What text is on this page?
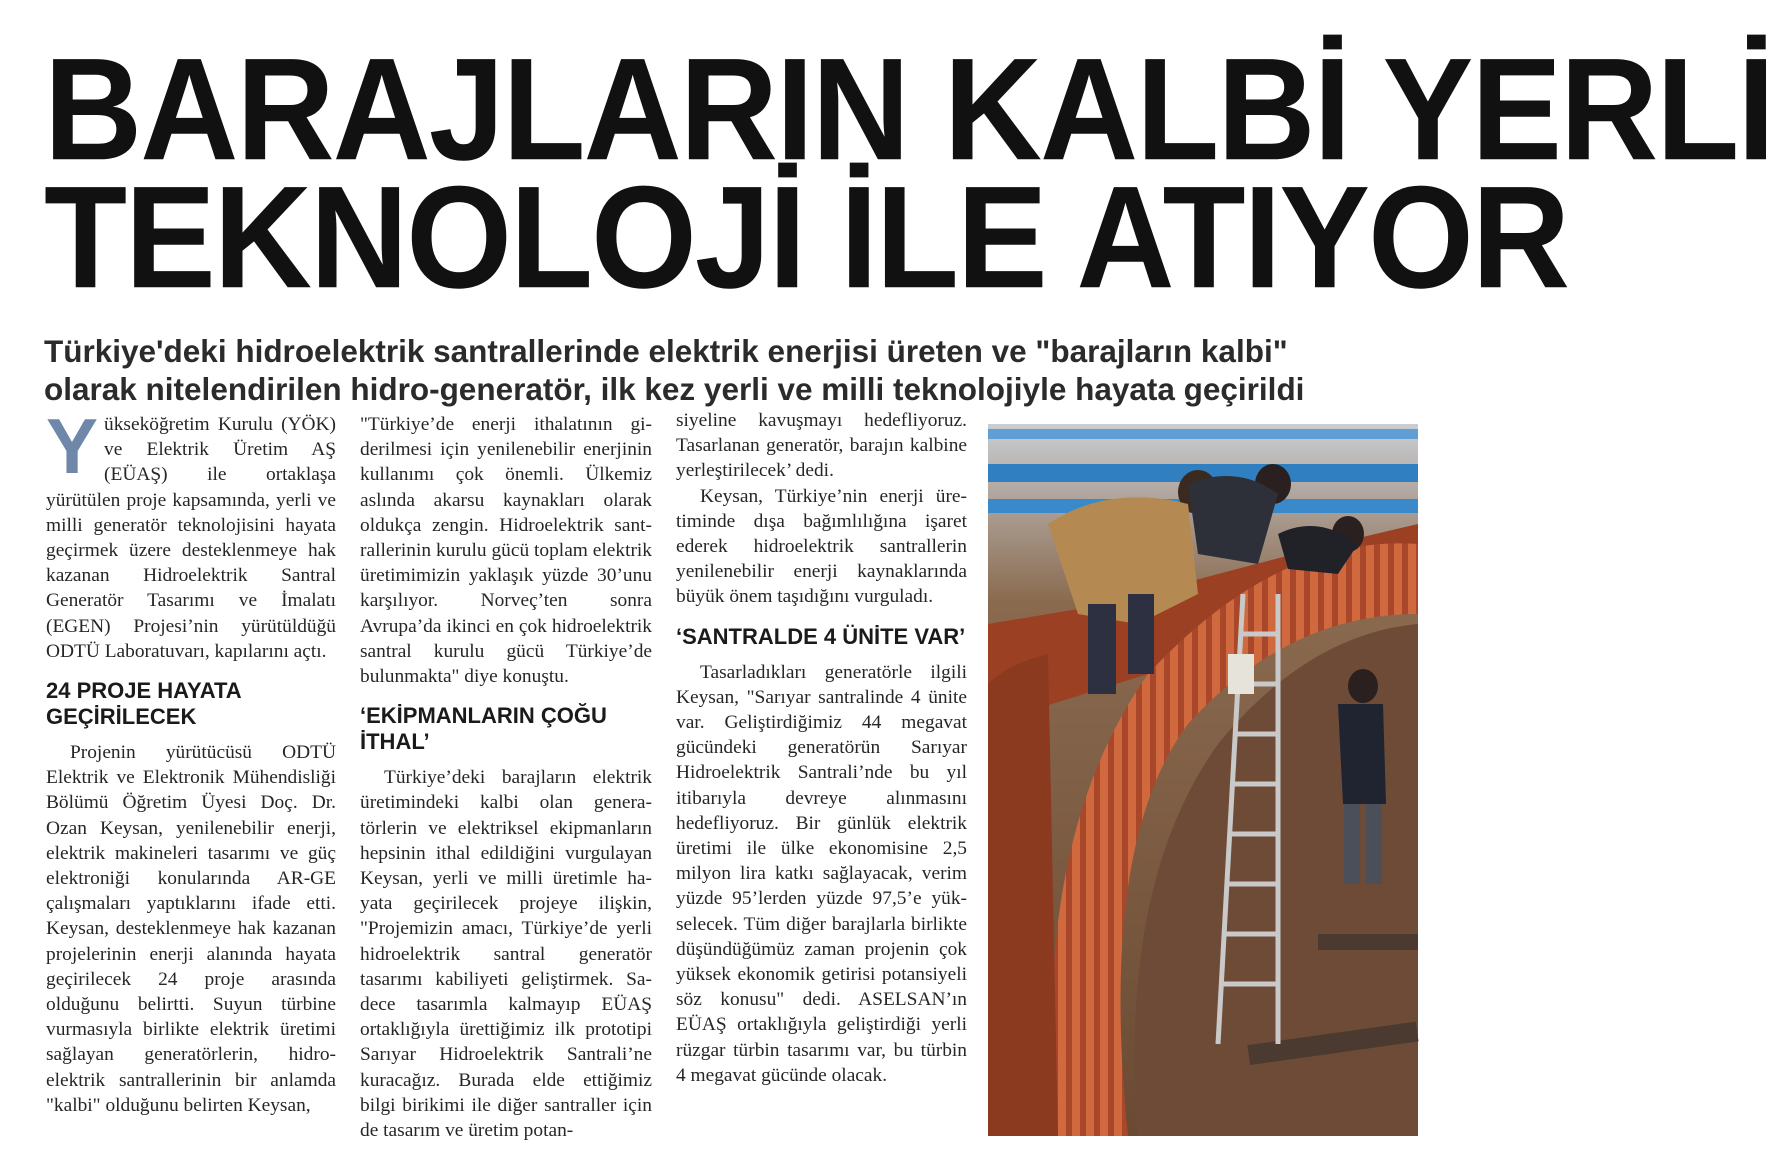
BARAJLARIN KALBİ YERLİ
TEKNOLOJİ İLE ATIYOR
Türkiye'deki hidroelektrik santrallerinde elektrik enerjisi üreten ve "barajların kalbi"
olarak nitelendirilen hidro-generatör, ilk kez yerli ve milli teknolojiyle hayata geçirildi

Yükseköğretim Kurulu (YÖK) ve Elektrik Üretim AŞ (EÜAŞ) ile ortaklaşa yürütülen proje kapsamında, yerli ve milli generatör teknolojisini hayata geçirmek üzere desteklenmeye hak kazanan Hidroelektrik Santral Generatör Tasarımı ve İmalatı (EGEN) Projesi’nin yürütüldüğü ODTÜ Laboratuvarı, kapılarını açtı.

24 PROJE HAYATA GEÇİRİLECEK

Projenin yürütücüsü ODTÜ Elektrik ve Elektronik Mühendisliği Bölümü Öğretim Üyesi Doç. Dr. Ozan Keysan, yenilenebilir enerji, elektrik makineleri tasarımı ve güç elektroniği konularında AR-GE çalışmaları yaptıklarını ifade etti. Keysan, desteklenmeye hak kazanan projelerinin enerji alanında hayata geçirilecek 24 proje arasında olduğunu belirtti. Suyun türbine vurmasıyla birlikte elektrik üretimi sağlayan generatörlerin, hidroelektrik santrallerinin bir anlamda "kalbi" olduğunu belirten Keysan,

"Türkiye’de enerji ithalatının giderilmesi için yenilenebilir enerjinin kullanımı çok önemli. Ülkemiz aslında akarsu kaynakları olarak oldukça zengin. Hidroelektrik santrallerinin kurulu gücü toplam elektrik üretimimizin yaklaşık yüzde 30’unu karşılıyor. Norveç’ten sonra Avrupa’da ikinci en çok hidroelektrik santral kurulu gücü Türkiye’de bulunmakta" diye konuştu.

‘EKİPMANLARIN ÇOĞU İTHAL’

Türkiye’deki barajların elektrik üretimindeki kalbi olan generatörlerin ve elektriksel ekipmanların hepsinin ithal edildiğini vurgulayan Keysan, yerli ve milli üretimle hayata geçirilecek projeye ilişkin, "Projemizin amacı, Türkiye’de yerli hidroelektrik santral generatör tasarımı kabiliyeti geliştirmek. Sadece tasarımla kalmayıp EÜAŞ ortaklığıyla ürettiğimiz ilk prototipi Sarıyar Hidroelektrik Santrali’ne kuracağız. Burada elde ettiğimiz bilgi birikimi ile diğer santraller için de tasarım ve üretim potan-

siyeline kavuşmayı hedefliyoruz. Tasarlanan generatör, barajın kalbine yerleştirilecek’ dedi.

Keysan, Türkiye’nin enerji üretiminde dışa bağımlılığına işaret ederek hidroelektrik santrallerin yenilenebilir enerji kaynaklarında büyük önem taşıdığını vurguladı.

‘SANTRALDE 4 ÜNİTE VAR’

Tasarladıkları generatörle ilgili Keysan, "Sarıyar santralinde 4 ünite var. Geliştirdiğimiz 44 megavat gücündeki generatörün Sarıyar Hidroelektrik Santrali’nde bu yıl itibarıyla devreye alınmasını hedefliyoruz. Bir günlük elektrik üretimi ile ülke ekonomisine 2,5 milyon lira katkı sağlayacak, verim yüzde 95’lerden yüzde 97,5’e yükselecek. Tüm diğer barajlarla birlikte düşündüğümüz zaman projenin çok yüksek ekonomik getirisi potansiyeli söz konusu" dedi. ASELSAN’ın EÜAŞ ortaklığıyla geliştirdiği yerli rüzgar türbin tasarımı var, bu türbin 4 megavat gücünde olacak.
